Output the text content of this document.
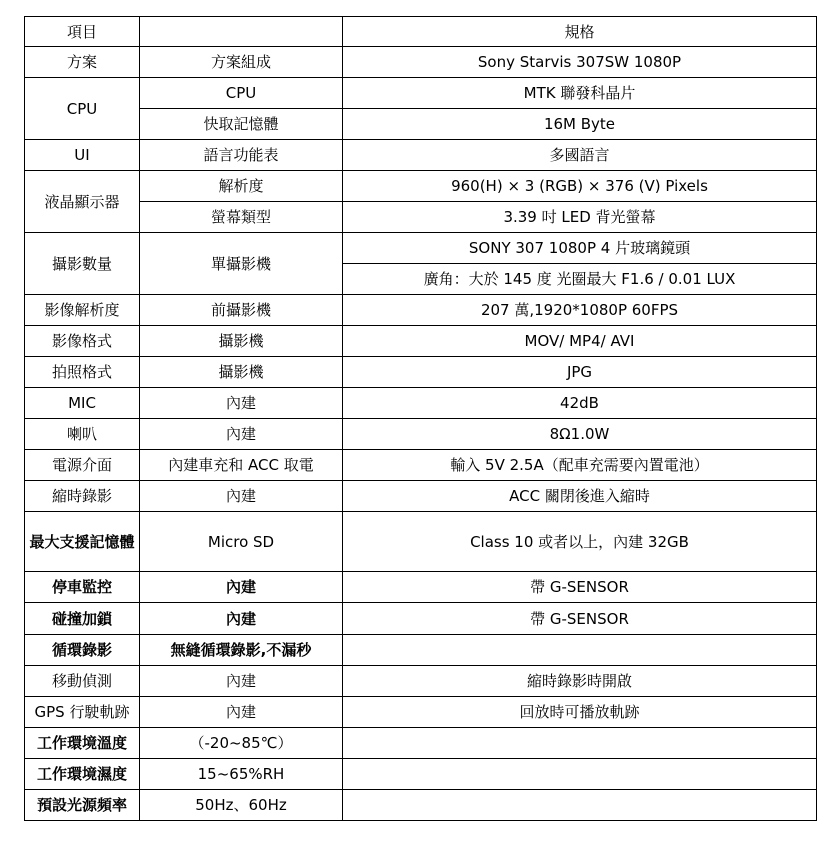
項目		規格
方案	方案組成	Sony Starvis 307SW 1080P
CPU	CPU	MTK 聯發科晶片
	快取記憶體	16M Byte
UI	語言功能表	多國語言
液晶顯示器	解析度	960(H) × 3 (RGB) × 376 (V) Pixels
	螢幕類型	3.39 吋 LED 背光螢幕
攝影數量	單攝影機	SONY 307 1080P 4 片玻璃鏡頭
		廣角：大於 145 度 光圈最大 F1.6 / 0.01 LUX
影像解析度	前攝影機	207 萬,1920*1080P 60FPS
影像格式	攝影機	MOV/ MP4/ AVI
拍照格式	攝影機	JPG
MIC	內建	42dB
喇叭	內建	8Ω1.0W
電源介面	內建車充和 ACC 取電	輸入 5V 2.5A（配車充需要內置電池）
縮時錄影	內建	ACC 關閉後進入縮時
最大支援記憶體	Micro SD	Class 10 或者以上，內建 32GB
停車監控	內建	帶 G-SENSOR
碰撞加鎖	內建	帶 G-SENSOR
循環錄影	無縫循環錄影,不漏秒	
移動偵測	內建	縮時錄影時開啟
GPS 行駛軌跡	內建	回放時可播放軌跡
工作環境溫度	（-20~85℃）	
工作環境濕度	15~65%RH	
預設光源頻率	50Hz、60Hz	
